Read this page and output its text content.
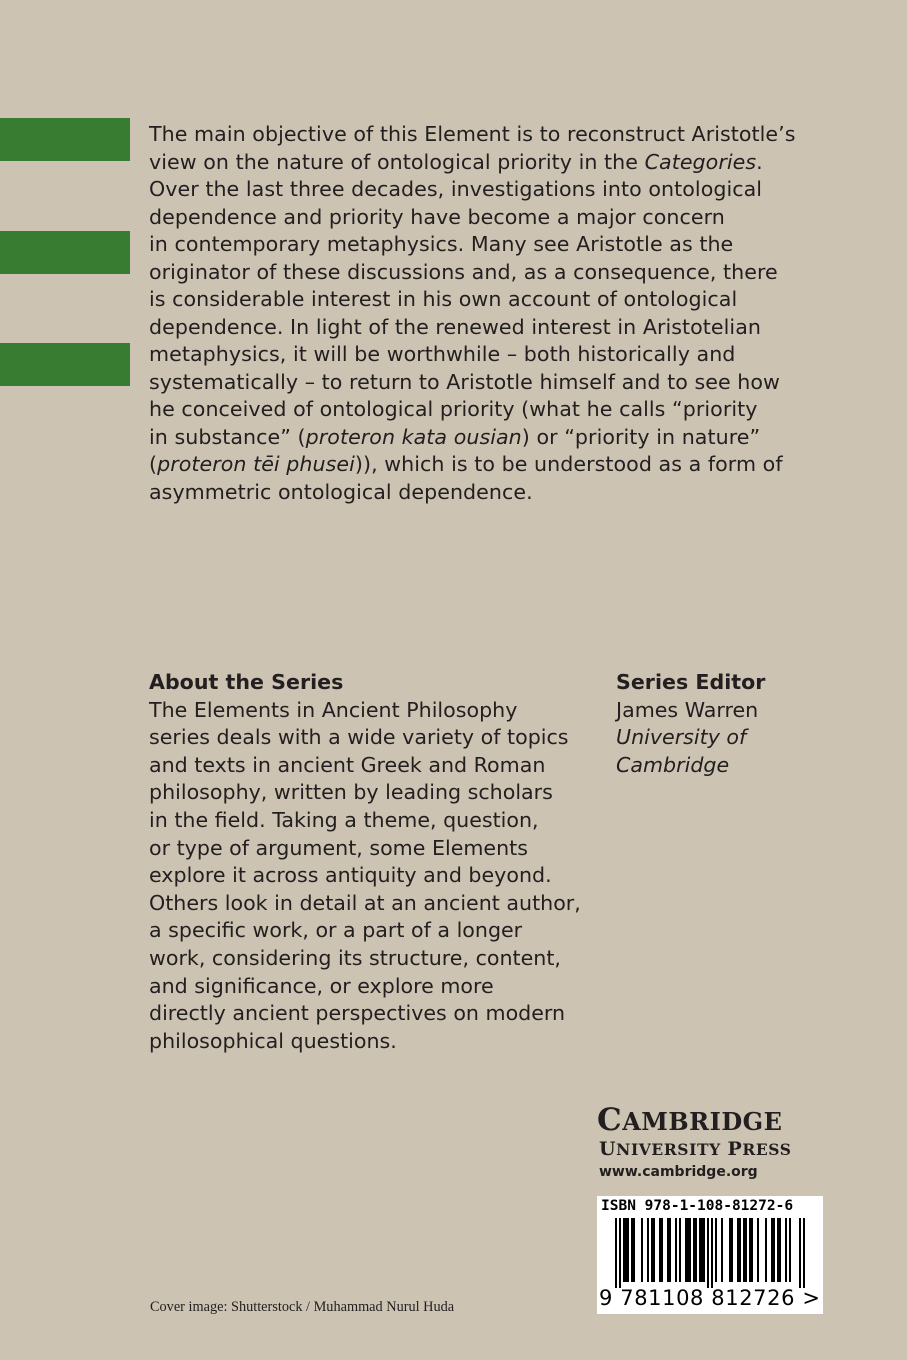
The main objective of this Element is to reconstruct Aristotle’s
view on the nature of ontological priority in the Categories.
Over the last three decades, investigations into ontological
dependence and priority have become a major concern
in contemporary metaphysics. Many see Aristotle as the
originator of these discussions and, as a consequence, there
is considerable interest in his own account of ontological
dependence. In light of the renewed interest in Aristotelian
metaphysics, it will be worthwhile – both historically and
systematically – to return to Aristotle himself and to see how
he conceived of ontological priority (what he calls “priority
in substance” (proteron kata ousian) or “priority in nature”
(proteron tēi phusei)), which is to be understood as a form of
asymmetric ontological dependence.
About the Series
The Elements in Ancient Philosophy
series deals with a wide variety of topics
and texts in ancient Greek and Roman
philosophy, written by leading scholars
in the field. Taking a theme, question,
or type of argument, some Elements
explore it across antiquity and beyond.
Others look in detail at an ancient author,
a specific work, or a part of a longer
work, considering its structure, content,
and significance, or explore more
directly ancient perspectives on modern
philosophical questions.
Series Editor
James Warren
University of
Cambridge
CAMBRIDGE
UNIVERSITY PRESS
www.cambridge.org
ISBN 978-1-108-81272-6
9 781108 812726 >
Cover image: Shutterstock / Muhammad Nurul Huda
